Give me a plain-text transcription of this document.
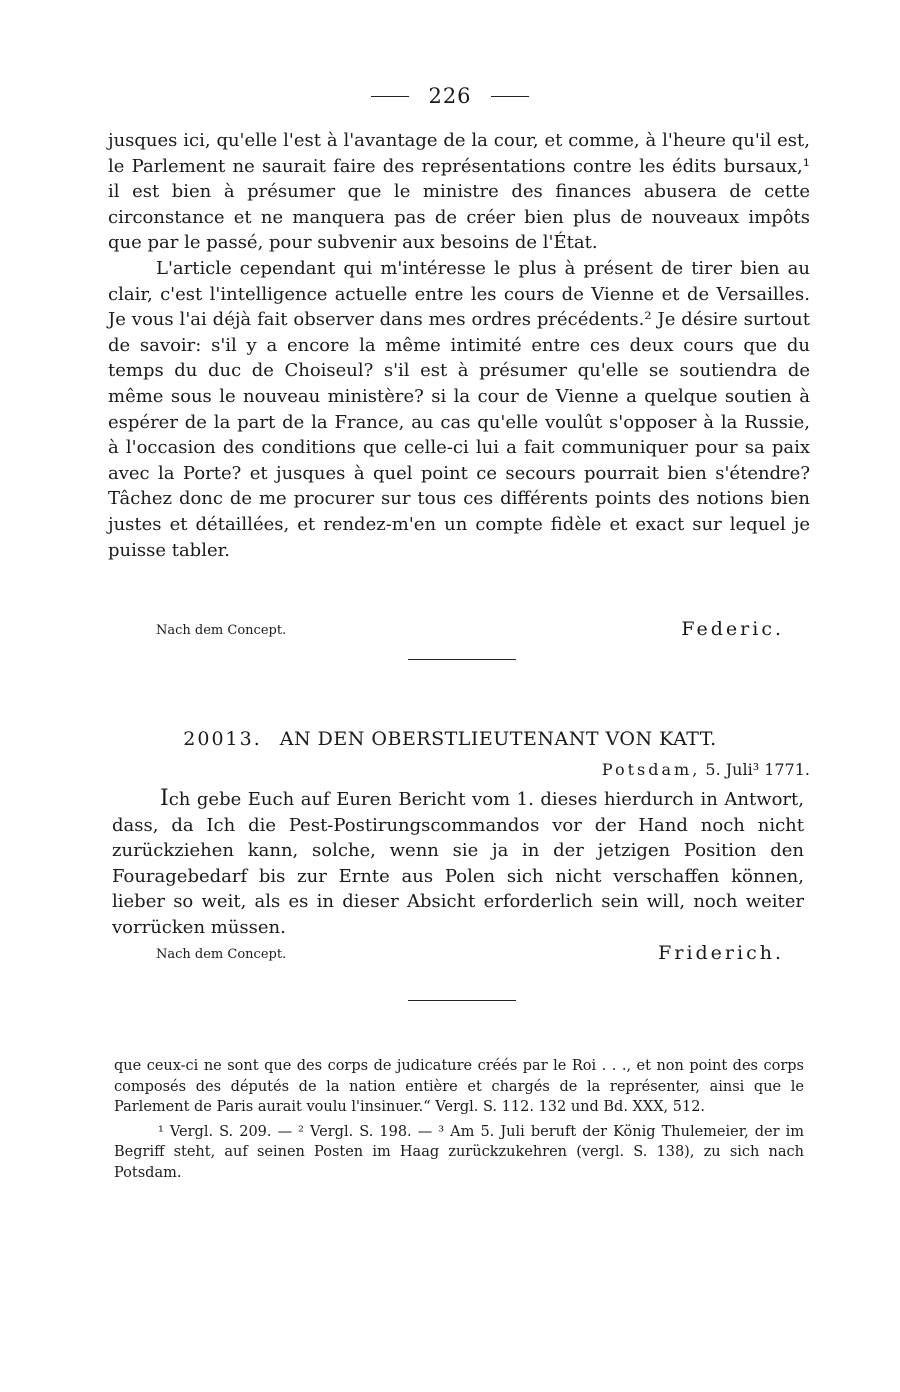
226

jusques ici, qu'elle l'est à l'avantage de la cour, et comme, à l'heure qu'il est, le Parlement ne saurait faire des représentations contre les édits bursaux,¹ il est bien à présumer que le ministre des finances abusera de cette circonstance et ne manquera pas de créer bien plus de nouveaux impôts que par le passé, pour subvenir aux besoins de l'État.

L'article cependant qui m'intéresse le plus à présent de tirer bien au clair, c'est l'intelligence actuelle entre les cours de Vienne et de Versailles. Je vous l'ai déjà fait observer dans mes ordres précédents.² Je désire surtout de savoir: s'il y a encore la même intimité entre ces deux cours que du temps du duc de Choiseul? s'il est à présumer qu'elle se soutiendra de même sous le nouveau ministère? si la cour de Vienne a quelque soutien à espérer de la part de la France, au cas qu'elle voulût s'opposer à la Russie, à l'occasion des conditions que celle-ci lui a fait communiquer pour sa paix avec la Porte? et jusques à quel point ce secours pourrait bien s'étendre? Tâchez donc de me procurer sur tous ces différents points des notions bien justes et détaillées, et rendez-m'en un compte fidèle et exact sur lequel je puisse tabler.

Nach dem Concept.	Federic.
20013. AN DEN OBERSTLIEUTENANT VON KATT.
Potsdam, 5. Juli³ 1771.

Ich gebe Euch auf Euren Bericht vom 1. dieses hierdurch in Antwort, dass, da Ich die Pest-Postirungscommandos vor der Hand noch nicht zurückziehen kann, solche, wenn sie ja in der jetzigen Position den Fouragebedarf bis zur Ernte aus Polen sich nicht verschaffen können, lieber so weit, als es in dieser Absicht erforderlich sein will, noch weiter vorrücken müssen.

Nach dem Concept.	Friderich.

que ceux-ci ne sont que des corps de judicature créés par le Roi . . ., et non point des corps composés des députés de la nation entière et chargés de la représenter, ainsi que le Parlement de Paris aurait voulu l'insinuer.“ Vergl. S. 112. 132 und Bd. XXX, 512.

¹ Vergl. S. 209. — ² Vergl. S. 198. — ³ Am 5. Juli beruft der König Thulemeier, der im Begriff steht, auf seinen Posten im Haag zurückzukehren (vergl. S. 138), zu sich nach Potsdam.
